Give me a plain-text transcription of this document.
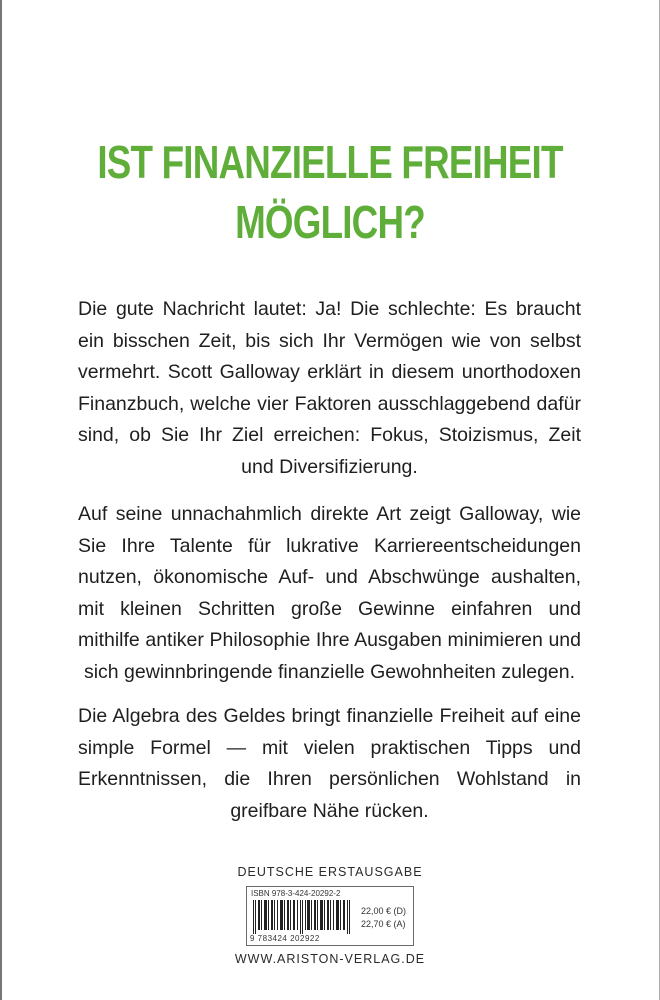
IST FINANZIELLE FREIHEIT
MÖGLICH?

Die gute Nachricht lautet: Ja! Die schlechte: Es braucht ein bisschen Zeit, bis sich Ihr Vermögen wie von selbst vermehrt. Scott Galloway erklärt in diesem unorthodoxen Finanzbuch, welche vier Faktoren ausschlaggebend dafür sind, ob Sie Ihr Ziel erreichen: Fokus, Stoizismus, Zeit und Diversifizierung.

Auf seine unnachahmlich direkte Art zeigt Galloway, wie Sie Ihre Talente für lukrative Karriereentscheidungen nutzen, ökonomische Auf- und Abschwünge aushalten, mit kleinen Schritten große Gewinne einfahren und mithilfe antiker Philosophie Ihre Ausgaben minimieren und sich gewinnbringende finanzielle Gewohnheiten zulegen.

Die Algebra des Geldes bringt finanzielle Freiheit auf eine simple Formel — mit vielen praktischen Tipps und Erkenntnissen, die Ihren persönlichen Wohlstand in greifbare Nähe rücken.

DEUTSCHE ERSTAUSGABE
ISBN 978-3-424-20292-2
9 783424 202922
22,00 € (D)
22,70 € (A)
WWW.ARISTON-VERLAG.DE
